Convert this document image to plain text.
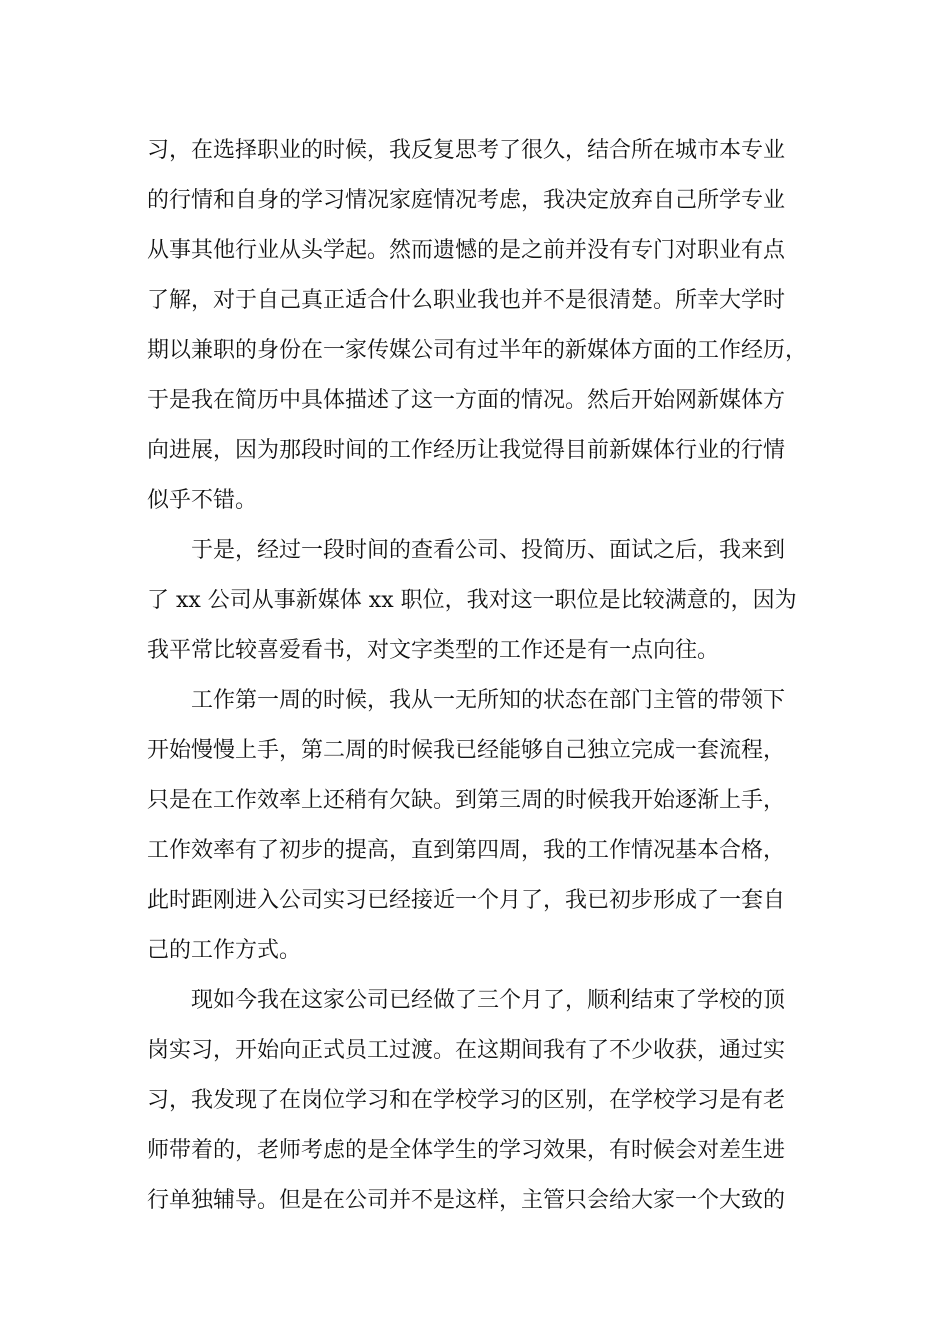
习，在选择职业的时候，我反复思考了很久，结合所在城市本专业
的行情和自身的学习情况家庭情况考虑，我决定放弃自己所学专业
从事其他行业从头学起。然而遗憾的是之前并没有专门对职业有点
了解，对于自己真正适合什么职业我也并不是很清楚。所幸大学时
期以兼职的身份在一家传媒公司有过半年的新媒体方面的工作经历，
于是我在简历中具体描述了这一方面的情况。然后开始网新媒体方
向进展，因为那段时间的工作经历让我觉得目前新媒体行业的行情
似乎不错。
于是，经过一段时间的查看公司、投简历、面试之后，我来到
了 xx 公司从事新媒体 xx 职位，我对这一职位是比较满意的，因为
我平常比较喜爱看书，对文字类型的工作还是有一点向往。
工作第一周的时候，我从一无所知的状态在部门主管的带领下
开始慢慢上手，第二周的时候我已经能够自己独立完成一套流程，
只是在工作效率上还稍有欠缺。到第三周的时候我开始逐渐上手，
工作效率有了初步的提高，直到第四周，我的工作情况基本合格，
此时距刚进入公司实习已经接近一个月了，我已初步形成了一套自
己的工作方式。
现如今我在这家公司已经做了三个月了，顺利结束了学校的顶
岗实习，开始向正式员工过渡。在这期间我有了不少收获，通过实
习，我发现了在岗位学习和在学校学习的区别，在学校学习是有老
师带着的，老师考虑的是全体学生的学习效果，有时候会对差生进
行单独辅导。但是在公司并不是这样，主管只会给大家一个大致的
